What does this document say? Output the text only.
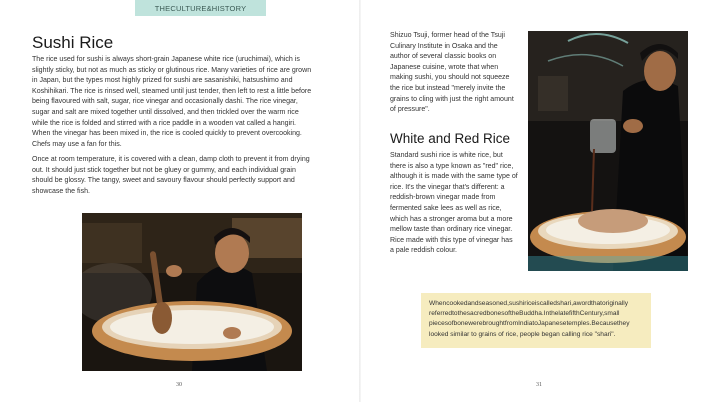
THECULTURE&HISTORY
Sushi Rice

The rice used for sushi is always short-grain Japanese white rice (uruchimai), which is slightly sticky, but not as much as sticky or glutinous rice. Many varieties of rice are grown in Japan, but the types most highly prized for sushi are sasanishiki, hatsushimo and Koshihikari. The rice is rinsed well, steamed until just tender, then left to rest a little before being flavoured with salt, sugar, rice vinegar and occasionally dashi. The rice vinegar, sugar and salt are mixed together until dissolved, and then trickled over the warm rice while the rice is folded and stirred with a rice paddle in a wooden vat called a hangiri. When the vinegar has been mixed in, the rice is cooled quickly to prevent overcooking. Chefs may use a fan for this.

Once at room temperature, it is covered with a clean, damp cloth to prevent it from drying out. It should just stick together but not be gluey or gummy, and each individual grain should be glossy. The tangy, sweet and savoury flavour should perfectly support and showcase the fish.

30

Shizuo Tsuji, former head of the Tsuji Culinary Institute in Osaka and the author of several classic books on Japanese cuisine, wrote that when making sushi, you should not squeeze the rice but instead "merely invite the grains to cling with just the right amount of pressure".

White and Red Rice

Standard sushi rice is white rice, but there is also a type known as "red" rice, although it is made with the same type of rice. It's the vinegar that's different: a reddish-brown vinegar made from fermented sake lees as well as rice, which has a stronger aroma but a more mellow taste than ordinary rice vinegar. Rice made with this type of vinegar has a pale reddish colour.

Whencookedandseasoned,sushiriceiscalledshari,awordthatoriginally referredtothesacredbonesoftheBuddha.InthelatefifthCentury,small piecesofbonewerebroughtfromIndiatoJapanesetemples.Becausethey looked similar to grains of rice, people began calling rice "shari".

31
